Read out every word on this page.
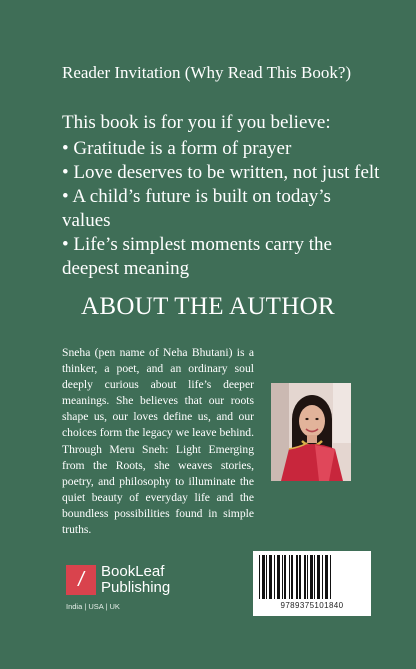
Reader Invitation (Why Read This Book?)
This book is for you if you believe:
• Gratitude is a form of prayer
• Love deserves to be written, not just felt
• A child’s future is built on today’s values
• Life’s simplest moments carry the deepest meaning
ABOUT THE AUTHOR
Sneha (pen name of Neha Bhutani) is a thinker, a poet, and an ordinary soul deeply curious about life’s deeper meanings. She believes that our roots shape us, our loves define us, and our choices form the legacy we leave behind. Through Meru Sneh: Light Emerging from the Roots, she weaves stories, poetry, and philosophy to illuminate the quiet beauty of everyday life and the boundless possibilities found in simple truths.
/	BookLeaf
Publishing
India | USA | UK	9789375101840
